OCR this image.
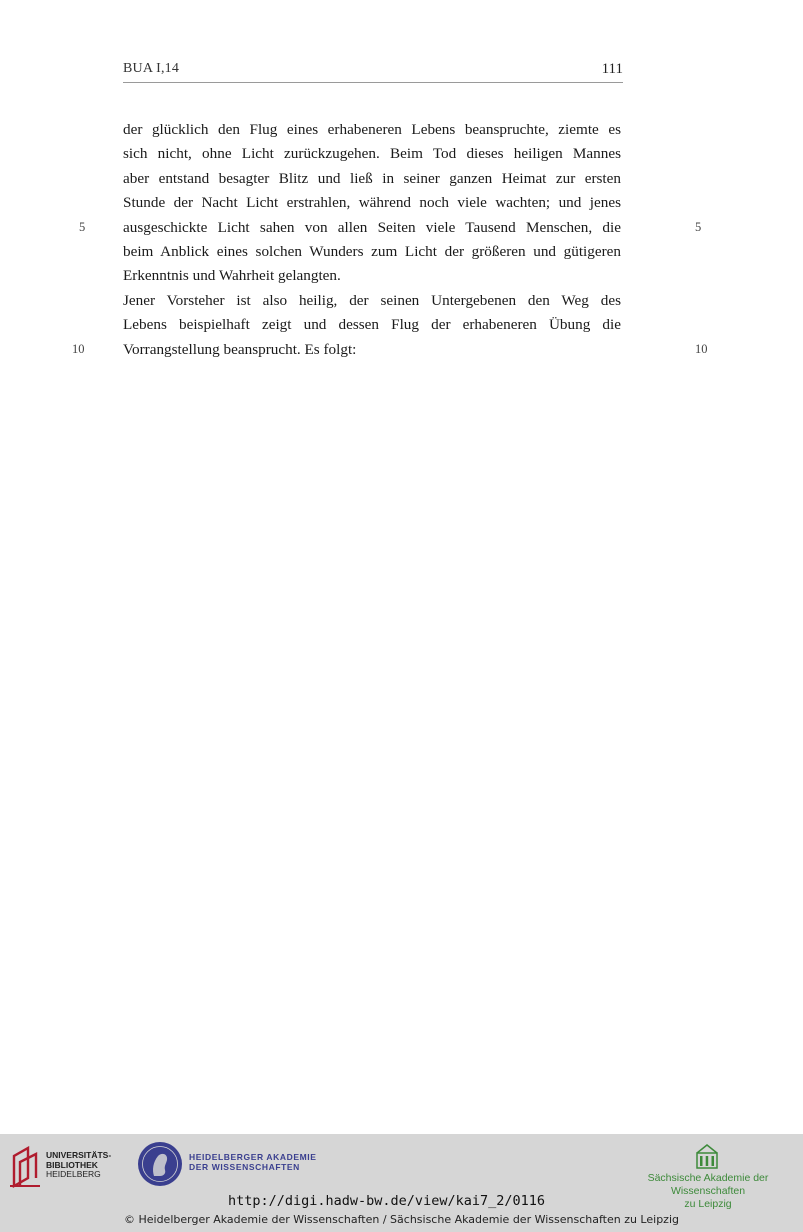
BUA I,14	111
der glücklich den Flug eines erhabeneren Lebens beanspruchte, ziemte es
sich nicht, ohne Licht zurückzugehen. Beim Tod dieses heiligen Mannes
aber entstand besagter Blitz und ließ in seiner ganzen Heimat zur ersten
Stunde der Nacht Licht erstrahlen, während noch viele wachten; und jenes
ausgeschickte Licht sahen von allen Seiten viele Tausend Menschen, die
beim Anblick eines solchen Wunders zum Licht der größeren und gütigeren
Erkenntnis und Wahrheit gelangten.
Jener Vorsteher ist also heilig, der seinen Untergebenen den Weg des
Lebens beispielhaft zeigt und dessen Flug der erhabeneren Übung die
Vorrangstellung beansprucht. Es folgt:
5	5
10	10
UNIVERSITÄTS-
BIBLIOTHEK
HEIDELBERG
HEIDELBERGER AKADEMIE
DER WISSENSCHAFTEN
Sächsische Akademie der Wissenschaften
zu Leipzig
http://digi.hadw-bw.de/view/kai7_2/0116
© Heidelberger Akademie der Wissenschaften / Sächsische Akademie der Wissenschaften zu Leipzig
